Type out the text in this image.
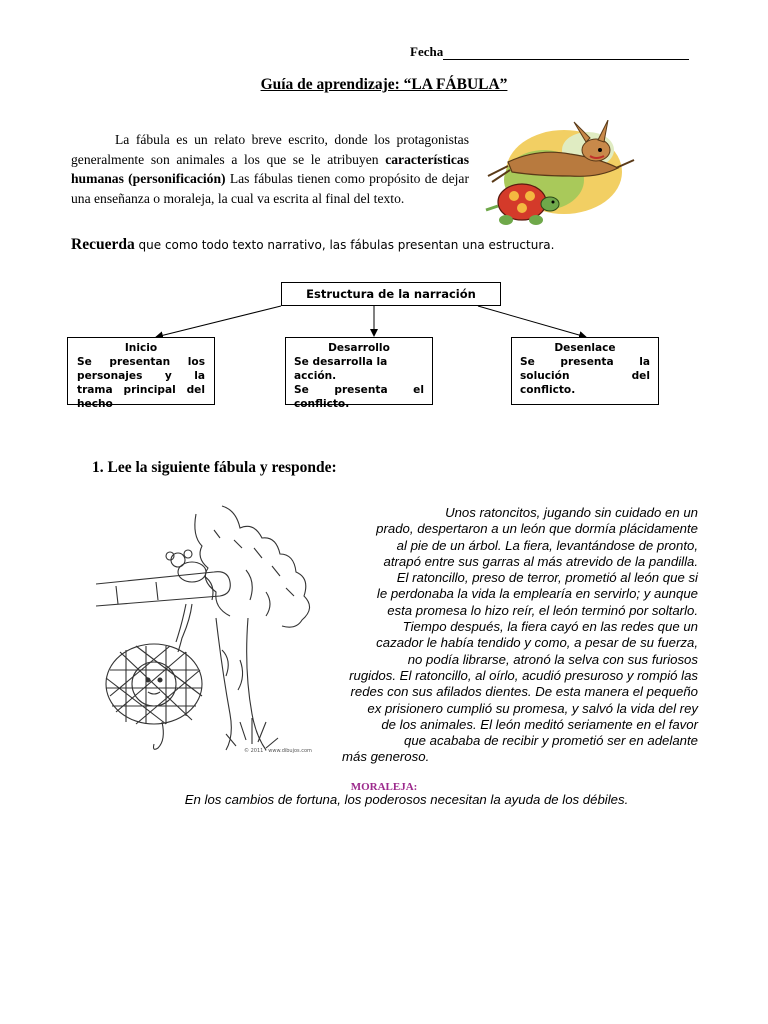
Fecha
Guía de aprendizaje: “LA FÁBULA”
La fábula es un relato breve escrito, donde los protagonistas generalmente son animales a los que se le atribuyen características humanas (personificación) Las fábulas tienen como propósito de dejar una enseñanza o moraleja, la cual va escrita al final del texto.
Recuerda que como todo texto narrativo, las fábulas presentan una estructura.
Estructura de la narración
Inicio
Se presentan los personajes y la trama principal del hecho
Desarrollo
Se desarrolla la acción.
Se presenta el conflicto.
Desenlace
Se presenta la solución del conflicto.
1. Lee la siguiente fábula y responde:
© 2011 - www.dibujos.com
Unos ratoncitos, jugando sin cuidado en un
prado, despertaron a un león que dormía plácidamente
al pie de un árbol. La fiera, levantándose de pronto,
atrapó entre sus garras al más atrevido de la pandilla.
El ratoncillo, preso de terror, prometió al león que si
le perdonaba la vida la emplearía en servirlo; y aunque
esta promesa lo hizo reír, el león terminó por soltarlo.
Tiempo después, la fiera cayó en las redes que un
cazador le había tendido y como, a pesar de su fuerza,
no podía librarse, atronó la selva con sus furiosos
rugidos. El ratoncillo, al oírlo, acudió presuroso y rompió las
redes con sus afilados dientes. De esta manera el pequeño
ex prisionero cumplió su promesa, y salvó la vida del rey
de los animales. El león meditó seriamente en el favor
que acababa de recibir y prometió ser en adelante
más generoso.
MORALEJA:
En los cambios de fortuna, los poderosos necesitan la ayuda de los débiles.
